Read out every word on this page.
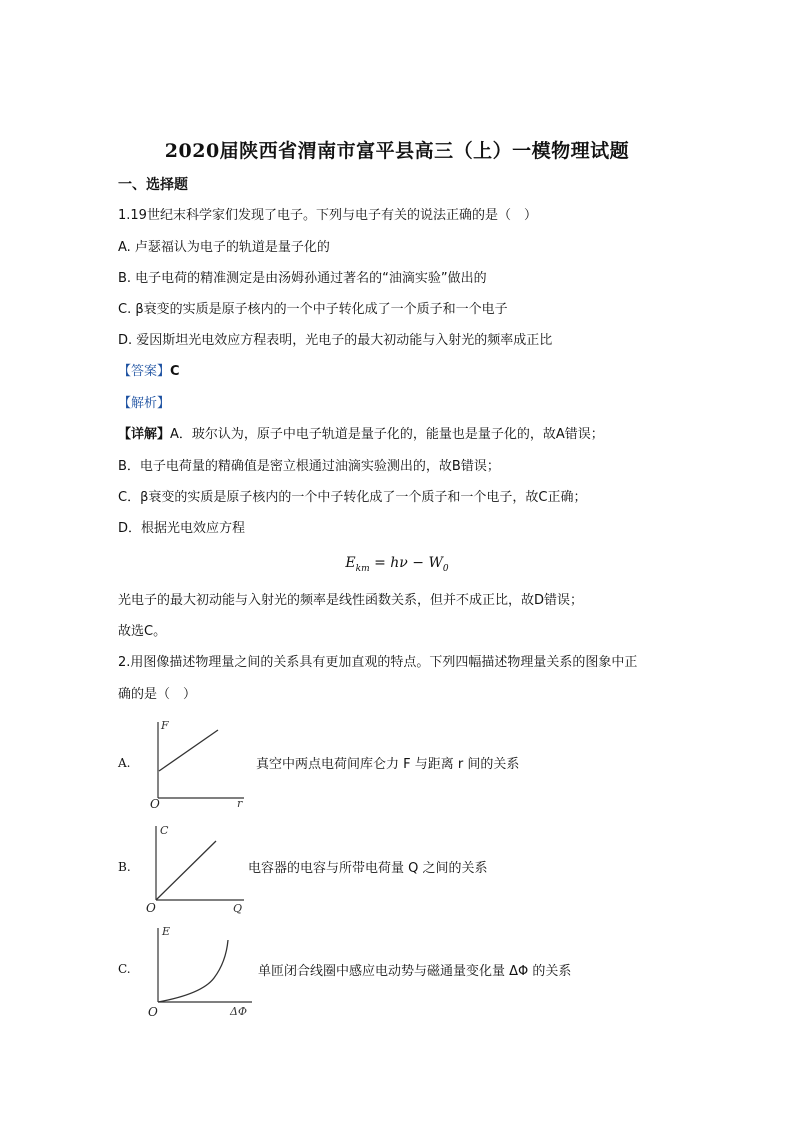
2020届陕西省渭南市富平县高三（上）一模物理试题
一、选择题
1.19世纪末科学家们发现了电子。下列与电子有关的说法正确的是（　）
A. 卢瑟福认为电子的轨道是量子化的
B. 电子电荷的精准测定是由汤姆孙通过著名的“油滴实验”做出的
C. β衰变的实质是原子核内的一个中子转化成了一个质子和一个电子
D. 爱因斯坦光电效应方程表明，光电子的最大初动能与入射光的频率成正比
【答案】C
【解析】
【详解】A．玻尔认为，原子中电子轨道是量子化的，能量也是量子化的，故A错误；
B．电子电荷量的精确值是密立根通过油滴实验测出的，故B错误；
C．β衰变的实质是原子核内的一个中子转化成了一个质子和一个电子，故C正确；
D．根据光电效应方程
$E_{km} = h\nu - W_0$
光电子的最大初动能与入射光的频率是线性函数关系，但并不成正比，故D错误；
故选C。
2.用图像描述物理量之间的关系具有更加直观的特点。下列四幅描述物理量关系的图象中正
确的是（　）
A.
F
r
O
真空中两点电荷间库仑力 F 与距离 r 间的关系
B.
C
Q
O
电容器的电容与所带电荷量 Q 之间的关系
C.
E
ΔΦ
O
单匝闭合线圈中感应电动势与磁通量变化量 ΔΦ 的关系
